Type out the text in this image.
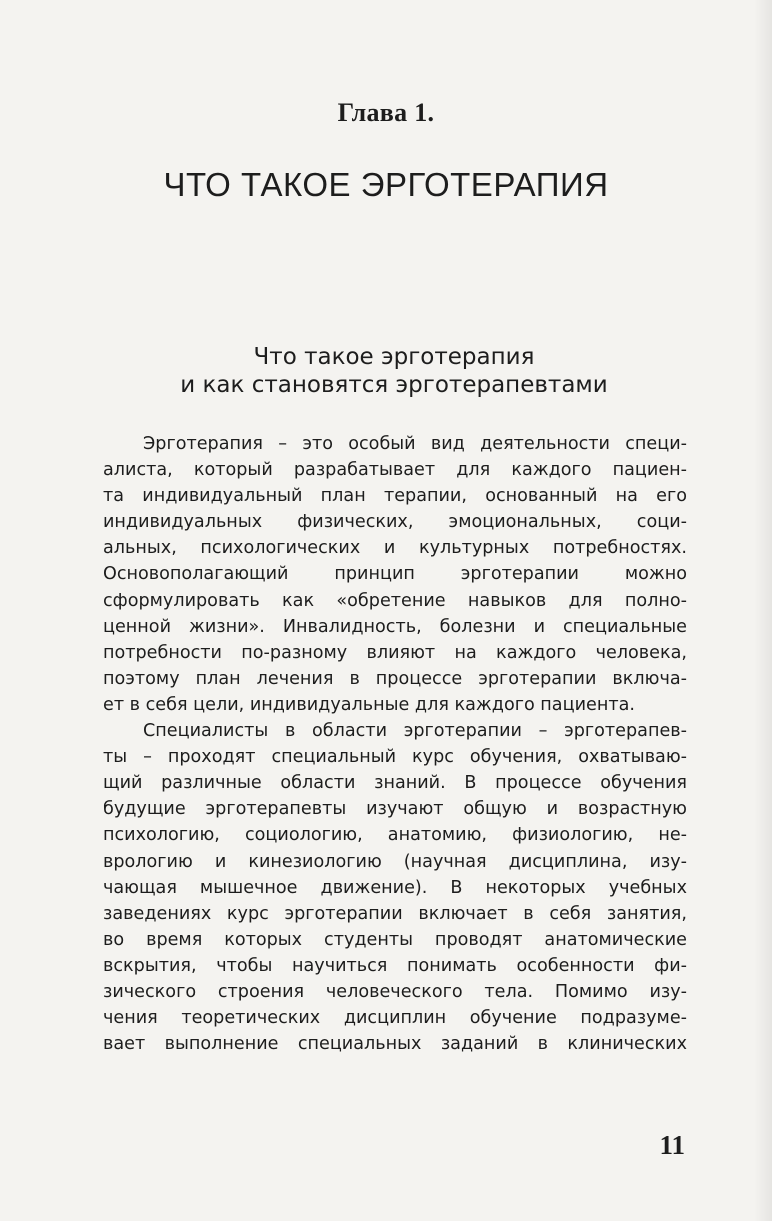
Глава 1.
ЧТО ТАКОЕ ЭРГОТЕРАПИЯ
Что такое эрготерапия
и как становятся эрготерапевтами
Эрготерапия – это особый вид деятельности специ-
алиста, который разрабатывает для каждого пациен-
та индивидуальный план терапии, основанный на его
индивидуальных физических, эмоциональных, соци-
альных, психологических и культурных потребностях.
Основополагающий принцип эрготерапии можно
сформулировать как «обретение навыков для полно-
ценной жизни». Инвалидность, болезни и специальные
потребности по-разному влияют на каждого человека,
поэтому план лечения в процессе эрготерапии включа-
ет в себя цели, индивидуальные для каждого пациента.
Специалисты в области эрготерапии – эрготерапев-
ты – проходят специальный курс обучения, охватываю-
щий различные области знаний. В процессе обучения
будущие эрготерапевты изучают общую и возрастную
психологию, социологию, анатомию, физиологию, не-
врологию и кинезиологию (научная дисциплина, изу-
чающая мышечное движение). В некоторых учебных
заведениях курс эрготерапии включает в себя занятия,
во время которых студенты проводят анатомические
вскрытия, чтобы научиться понимать особенности фи-
зического строения человеческого тела. Помимо изу-
чения теоретических дисциплин обучение подразуме-
вает выполнение специальных заданий в клинических
11
